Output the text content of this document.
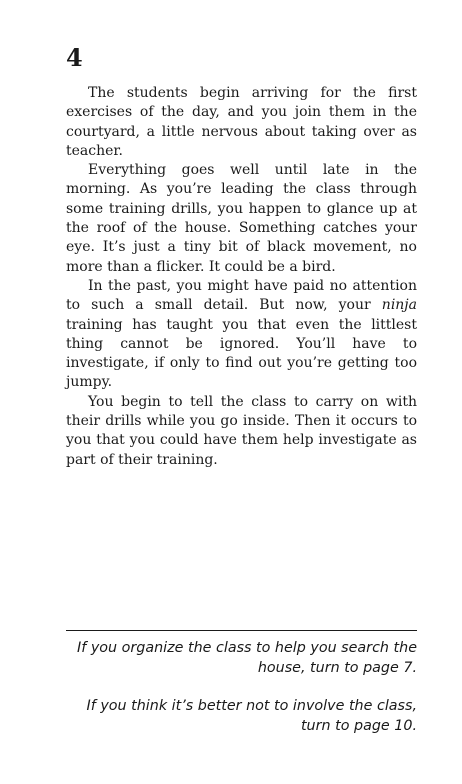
4

The students begin arriving for the first exercises of the day, and you join them in the courtyard, a little nervous about taking over as teacher.

Everything goes well until late in the morning. As you’re leading the class through some training drills, you happen to glance up at the roof of the house. Something catches your eye. It’s just a tiny bit of black movement, no more than a flicker. It could be a bird.

In the past, you might have paid no attention to such a small detail. But now, your ninja training has taught you that even the littlest thing cannot be ignored. You’ll have to investigate, if only to find out you’re getting too jumpy.

You begin to tell the class to carry on with their drills while you go inside. Then it occurs to you that you could have them help investigate as part of their training.

If you organize the class to help you search the
house, turn to page 7.

If you think it’s better not to involve the class,
turn to page 10.
